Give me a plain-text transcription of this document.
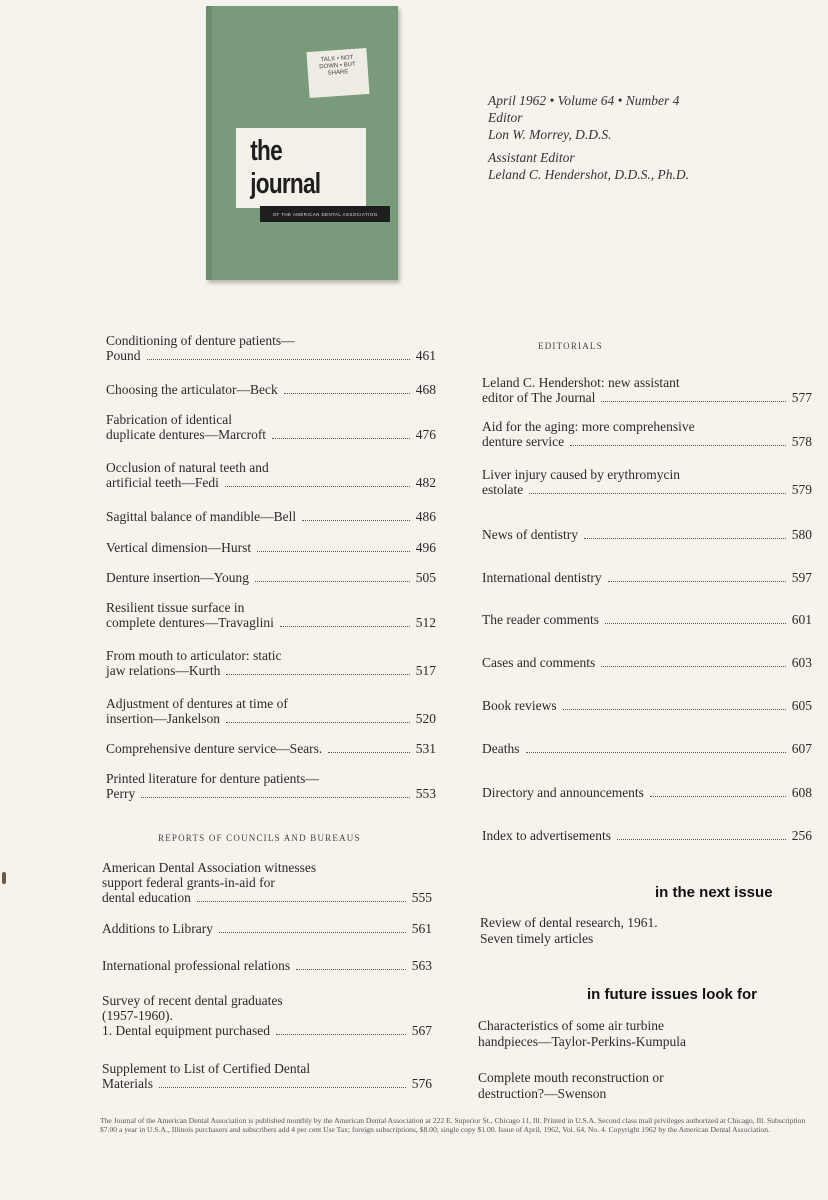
TALK • NOT
DOWN • BUT
SHARE
the journal
OF THE AMERICAN DENTAL ASSOCIATION
April 1962 • Volume 64 • Number 4
Editor
Lon W. Morrey, D.D.S.
Assistant Editor
Leland C. Hendershot, D.D.S., Ph.D.
Conditioning of denture patients—
Pound	461
Choosing the articulator—Beck	468
Fabrication of identical
duplicate dentures—Marcroft	476
Occlusion of natural teeth and
artificial teeth—Fedi	482
Sagittal balance of mandible—Bell	486
Vertical dimension—Hurst	496
Denture insertion—Young	505
Resilient tissue surface in
complete dentures—Travaglini	512
From mouth to articulator: static
jaw relations—Kurth	517
Adjustment of dentures at time of
insertion—Jankelson	520
Comprehensive denture service—Sears.	531
Printed literature for denture patients—
Perry	553
REPORTS OF COUNCILS AND BUREAUS
American Dental Association witnesses
support federal grants-in-aid for
dental education	555
Additions to Library	561
International professional relations	563
Survey of recent dental graduates
(1957-1960).
1. Dental equipment purchased	567
Supplement to List of Certified Dental
Materials	576
EDITORIALS
Leland C. Hendershot: new assistant
editor of The Journal	577
Aid for the aging: more comprehensive
denture service	578
Liver injury caused by erythromycin
estolate	579
News of dentistry	580
International dentistry	597
The reader comments	601
Cases and comments	603
Book reviews	605
Deaths	607
Directory and announcements	608
Index to advertisements	256
in the next issue
Review of dental research, 1961.
Seven timely articles
in future issues look for
Characteristics of some air turbine
handpieces—Taylor-Perkins-Kumpula
Complete mouth reconstruction or
destruction?—Swenson
The Journal of the American Dental Association is published monthly by the American Dental Association at 222 E. Superior St., Chicago 11, Ill. Printed in U.S.A. Second class mail privileges authorized at Chicago, Ill. Subscription $7.00 a year in U.S.A., Illinois purchasers and subscribers add 4 per cent Use Tax; foreign subscriptions, $8.00; single copy $1.00. Issue of April, 1962, Vol. 64, No. 4. Copyright 1962 by the American Dental Association.
